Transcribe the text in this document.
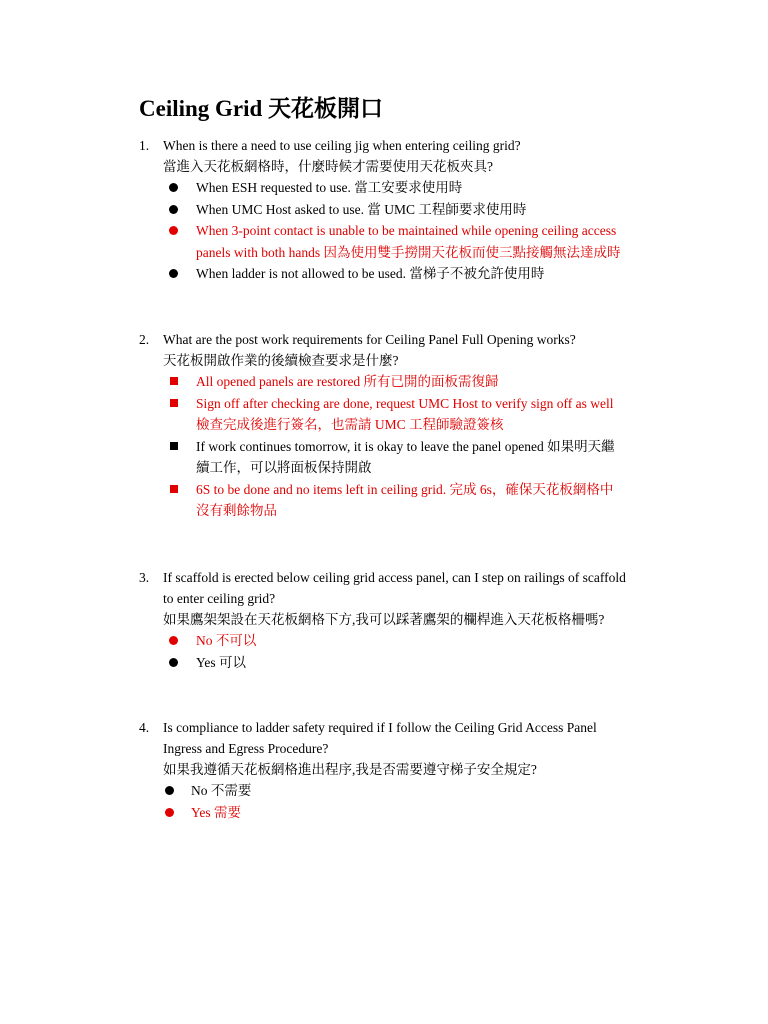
Ceiling Grid 天花板開口
1. When is there a need to use ceiling jig when entering ceiling grid?
當進入天花板網格時，什麼時候才需要使用天花板夾具?
When ESH requested to use. 當工安要求使用時
When UMC Host asked to use. 當 UMC 工程師要求使用時
When 3-point contact is unable to be maintained while opening ceiling access
panels with both hands 因為使用雙手撈開天花板而使三點接觸無法達成時
When ladder is not allowed to be used. 當梯子不被允許使用時
2. What are the post work requirements for Ceiling Panel Full Opening works?
天花板開啟作業的後續檢查要求是什麼?
All opened panels are restored 所有已開的面板需復歸
Sign off after checking are done, request UMC Host to verify sign off as well
檢查完成後進行簽名，也需請 UMC 工程師驗證簽核
If work continues tomorrow, it is okay to leave the panel opened 如果明天繼
續工作，可以將面板保持開啟
6S to be done and no items left in ceiling grid. 完成 6s，確保天花板網格中
沒有剩餘物品
3. If scaffold is erected below ceiling grid access panel, can I step on railings of scaffold
to enter ceiling grid?
如果鷹架架設在天花板網格下方,我可以踩著鷹架的欄桿進入天花板格柵嗎?
No 不可以
Yes 可以
4. Is compliance to ladder safety required if I follow the Ceiling Grid Access Panel
Ingress and Egress Procedure?
如果我遵循天花板網格進出程序,我是否需要遵守梯子安全規定?
No 不需要
Yes 需要
